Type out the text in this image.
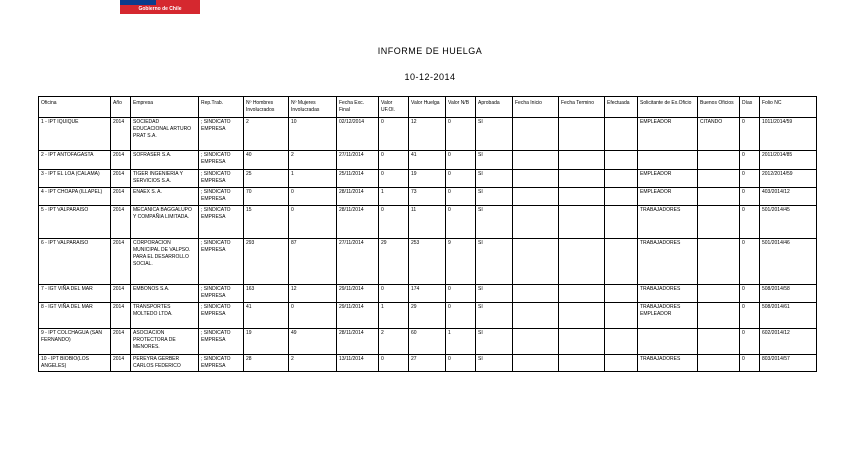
Gobierno de Chile
INFORME DE HUELGA
10-12-2014
Oficina	Año	Empresa	Rep.Trab.	Nº Hombres Involucrados	Nº Mujeres Involucradas	Fecha Exc. Final	Valor UF.Ol.	Valor Huelga	Valor N/B	Aprobada	Fecha Inicio	Fecha Termino	Efectuada	Solicitante de Ex.Oficio	Buenos Oficios	Días	Folio NC
1 - IPT IQUIQUE	2014	SOCIEDAD EDUCACIONAL ARTURO PRAT S.A.	; SINDICATO EMPRESA	2	10	02/12/2014	0	12	0	SI				EMPLEADOR	CITANDO	0	1011/2014/59
2 - IPT ANTOFAGASTA	2014	SOFRASER S.A.	; SINDICATO EMPRESA	40	2	27/11/2014	0	41	0	SI						0	2011/2014/85
3 - IPT EL LOA (CALAMA)	2014	TIGER INGENIERIA Y SERVICIOS S.A.	; SINDICATO EMPRESA	25	1	25/11/2014	0	19	0	SI				EMPLEADOR		0	2012/2014/59
4 - IPT CHOAPA (ILLAPEL)	2014	ENAEX S. A.	; SINDICATO EMPRESA	70	0	28/11/2014	1	73	0	SI				EMPLEADOR		0	403/2014/12
5 - IPT VALPARAISO	2014	MECANICA BAGGALUPO Y COMPAÑIA LIMITADA.	; SINDICATO EMPRESA	15	0	28/11/2014	0	11	0	SI				TRABAJADORES		0	501/2014/45
6 - IPT VALPARAISO	2014	CORPORACION MUNICIPAL DE VALPSO. PARA EL DESARROLLO SOCIAL.	; SINDICATO EMPRESA	293	87	27/11/2014	29	253	9	SI				TRABAJADORES		0	501/2014/46
7 - IGT VIÑA DEL MAR	2014	EMBONOS S.A.	; SINDICATO EMPRESA	163	12	29/11/2014	0	174	0	SI				TRABAJADORES		0	508/2014/58
8 - IGT VIÑA DEL MAR	2014	TRANSPORTES MOLTEDO LTDA.	; SINDICATO EMPRESA	41	0	29/11/2014	1	29	0	SI				TRABAJADORES EMPLEADOR		0	508/2014/61
9 - IPT COLCHAGUA (SAN FERNANDO)	2014	ASOCIACION PROTECTORA DE MENORES.	; SINDICATO EMPRESA	19	49	28/11/2014	2	60	1	SI						0	602/2014/12
10 - IPT BIOBIO(LOS ANGELES)	2014	PEREYRA GERBER CARLOS FEDERICO	; SINDICATO EMPRESA	28	2	13/11/2014	0	27	0	SI				TRABAJADORES		0	803/2014/57
